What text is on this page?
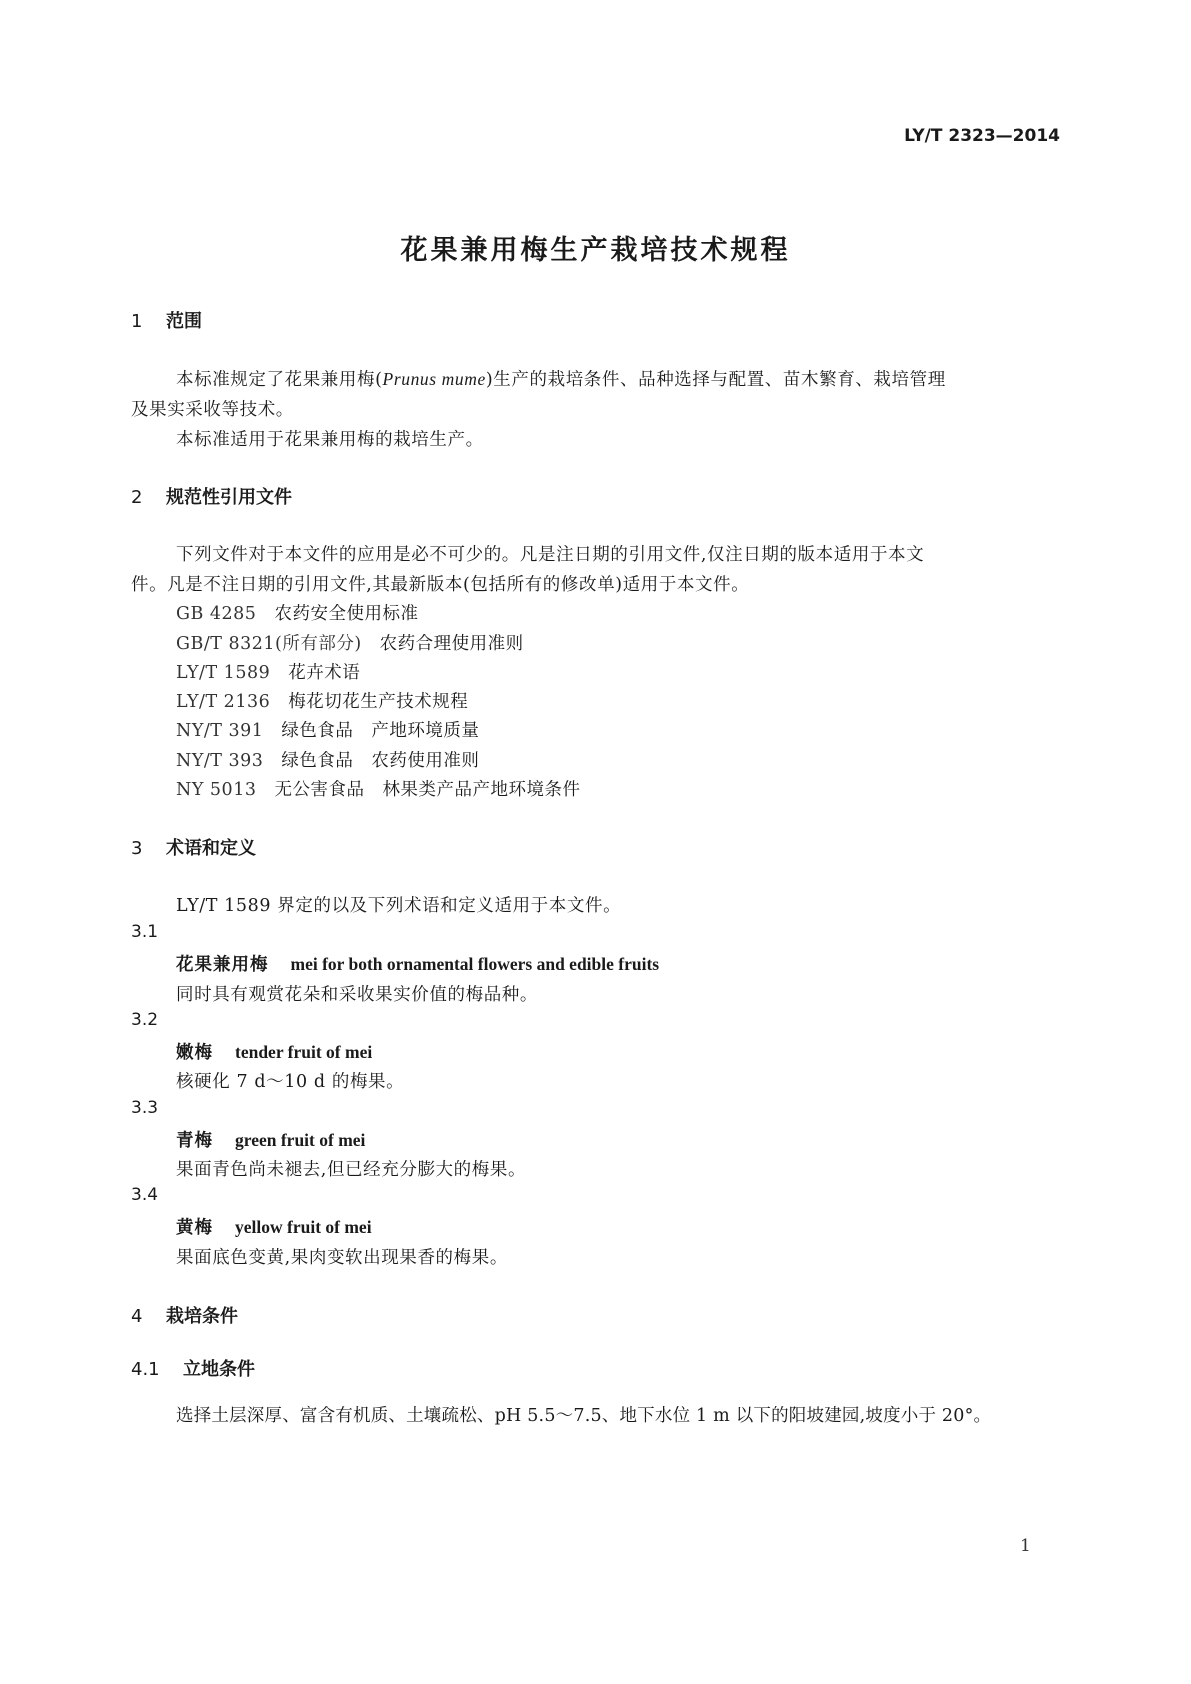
LY/T 2323—2014
花果兼用梅生产栽培技术规程
1 范围
本标准规定了花果兼用梅(Prunus mume)生产的栽培条件、品种选择与配置、苗木繁育、栽培管理
及果实采收等技术。
本标准适用于花果兼用梅的栽培生产。
2 规范性引用文件
下列文件对于本文件的应用是必不可少的。凡是注日期的引用文件,仅注日期的版本适用于本文
件。凡是不注日期的引用文件,其最新版本(包括所有的修改单)适用于本文件。
GB 4285 农药安全使用标准
GB/T 8321(所有部分) 农药合理使用准则
LY/T 1589 花卉术语
LY/T 2136 梅花切花生产技术规程
NY/T 391 绿色食品　产地环境质量
NY/T 393 绿色食品　农药使用准则
NY 5013 无公害食品　林果类产品产地环境条件
3 术语和定义
LY/T 1589 界定的以及下列术语和定义适用于本文件。
3.1
花果兼用梅 mei for both ornamental flowers and edible fruits
同时具有观赏花朵和采收果实价值的梅品种。
3.2
嫩梅 tender fruit of mei
核硬化 7 d～10 d 的梅果。
3.3
青梅 green fruit of mei
果面青色尚未褪去,但已经充分膨大的梅果。
3.4
黄梅 yellow fruit of mei
果面底色变黄,果肉变软出现果香的梅果。
4 栽培条件
4.1 立地条件
选择土层深厚、富含有机质、土壤疏松、pH 5.5～7.5、地下水位 1 m 以下的阳坡建园,坡度小于 20°。
1
